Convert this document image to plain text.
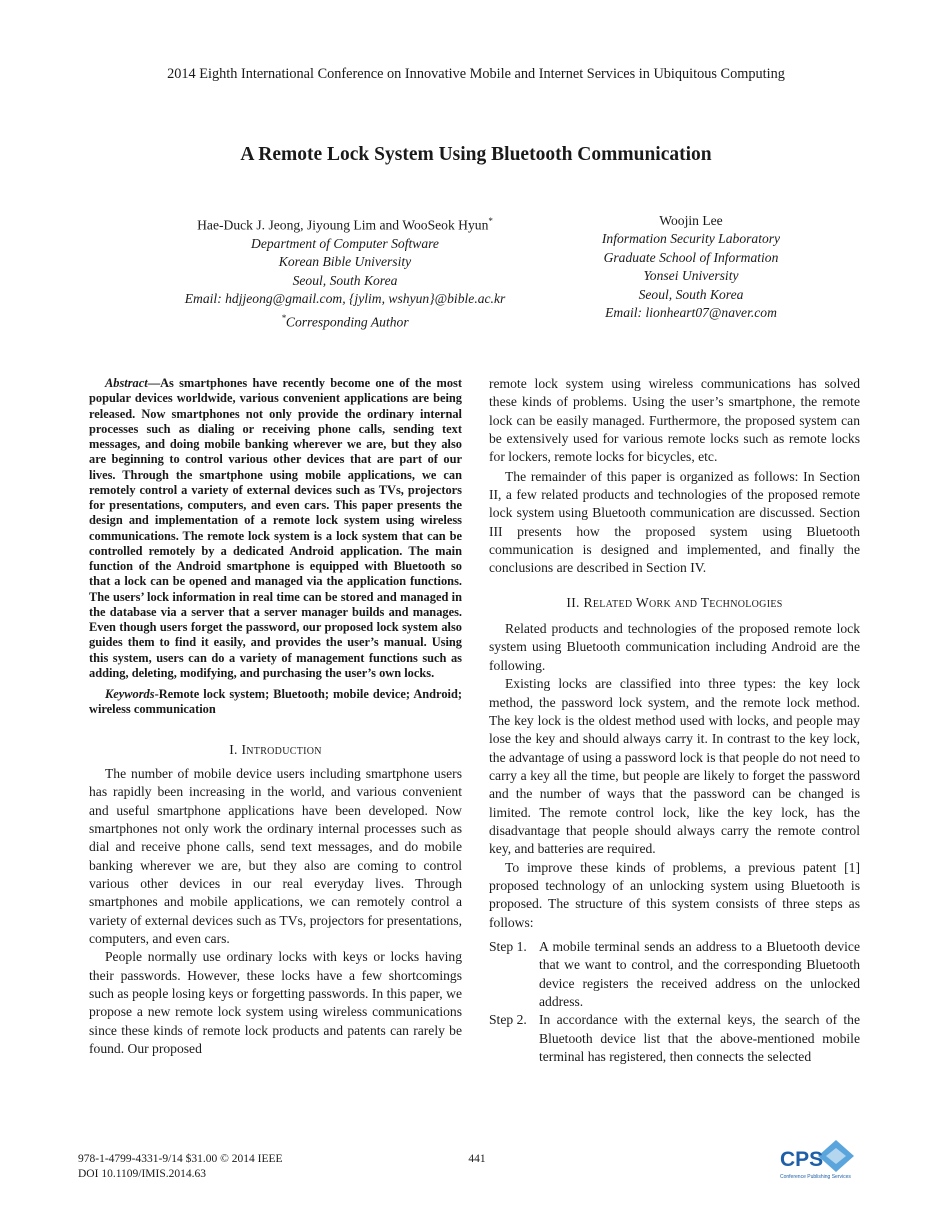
2014 Eighth International Conference on Innovative Mobile and Internet Services in Ubiquitous Computing
A Remote Lock System Using Bluetooth Communication
Hae-Duck J. Jeong, Jiyoung Lim and WooSeok Hyun*
Department of Computer Software
Korean Bible University
Seoul, South Korea
Email: hdjjeong@gmail.com, {jylim, wshyun}@bible.ac.kr
*Corresponding Author
Woojin Lee
Information Security Laboratory
Graduate School of Information
Yonsei University
Seoul, South Korea
Email: lionheart07@naver.com

Abstract—As smartphones have recently become one of the most popular devices worldwide, various convenient applications are being released. Now smartphones not only provide the ordinary internal processes such as dialing or receiving phone calls, sending text messages, and doing mobile banking wherever we are, but they also are beginning to control various other devices that are part of our lives. Through the smartphone using mobile applications, we can remotely control a variety of external devices such as TVs, projectors for presentations, computers, and even cars. This paper presents the design and implementation of a remote lock system using wireless communications. The remote lock system is a lock system that can be controlled remotely by a dedicated Android application. The main function of the Android smartphone is equipped with Bluetooth so that a lock can be opened and managed via the application functions. The users’ lock information in real time can be stored and managed in the database via a server that a server manager builds and manages. Even though users forget the password, our proposed lock system also guides them to find it easily, and provides the user’s manual. Using this system, users can do a variety of management functions such as adding, deleting, modifying, and purchasing the user’s own locks.

Keywords-Remote lock system; Bluetooth; mobile device; Android; wireless communication

I. Introduction

The number of mobile device users including smartphone users has rapidly been increasing in the world, and various convenient and useful smartphone applications have been developed. Now smartphones not only work the ordinary internal processes such as dial and receive phone calls, send text messages, and do mobile banking wherever we are, but they also are coming to control various other devices in our real everyday lives. Through smartphones and mobile applications, we can remotely control a variety of external devices such as TVs, projectors for presentations, computers, and even cars.

People normally use ordinary locks with keys or locks having their passwords. However, these locks have a few shortcomings such as people losing keys or forgetting passwords. In this paper, we propose a new remote lock system using wireless communications since these kinds of remote lock products and patents can rarely be found. Our proposed

remote lock system using wireless communications has solved these kinds of problems. Using the user’s smartphone, the remote lock can be easily managed. Furthermore, the proposed system can be extensively used for various remote locks such as remote locks for lockers, remote locks for bicycles, etc.

The remainder of this paper is organized as follows: In Section II, a few related products and technologies of the proposed remote lock system using Bluetooth communication are discussed. Section III presents how the proposed system using Bluetooth communication is designed and implemented, and finally the conclusions are described in Section IV.

II. Related Work and Technologies

Related products and technologies of the proposed remote lock system using Bluetooth communication including Android are the following.

Existing locks are classified into three types: the key lock method, the password lock system, and the remote lock method. The key lock is the oldest method used with locks, and people may lose the key and should always carry it. In contrast to the key lock, the advantage of using a password lock is that people do not need to carry a key all the time, but people are likely to forget the password and the number of ways that the password can be changed is limited. The remote control lock, like the key lock, has the disadvantage that people should always carry the remote control key, and batteries are required.

To improve these kinds of problems, a previous patent [1] proposed technology of an unlocking system using Bluetooth is proposed. The structure of this system consists of three steps as follows:

Step 1. A mobile terminal sends an address to a Bluetooth device that we want to control, and the corresponding Bluetooth device registers the received address on the unlocked address.
Step 2. In accordance with the external keys, the search of the Bluetooth device list that the above-mentioned mobile terminal has registered, then connects the selected
978-1-4799-4331-9/14 $31.00 © 2014 IEEE
DOI 10.1109/IMIS.2014.63
441	CPS
Conference Publishing Services
